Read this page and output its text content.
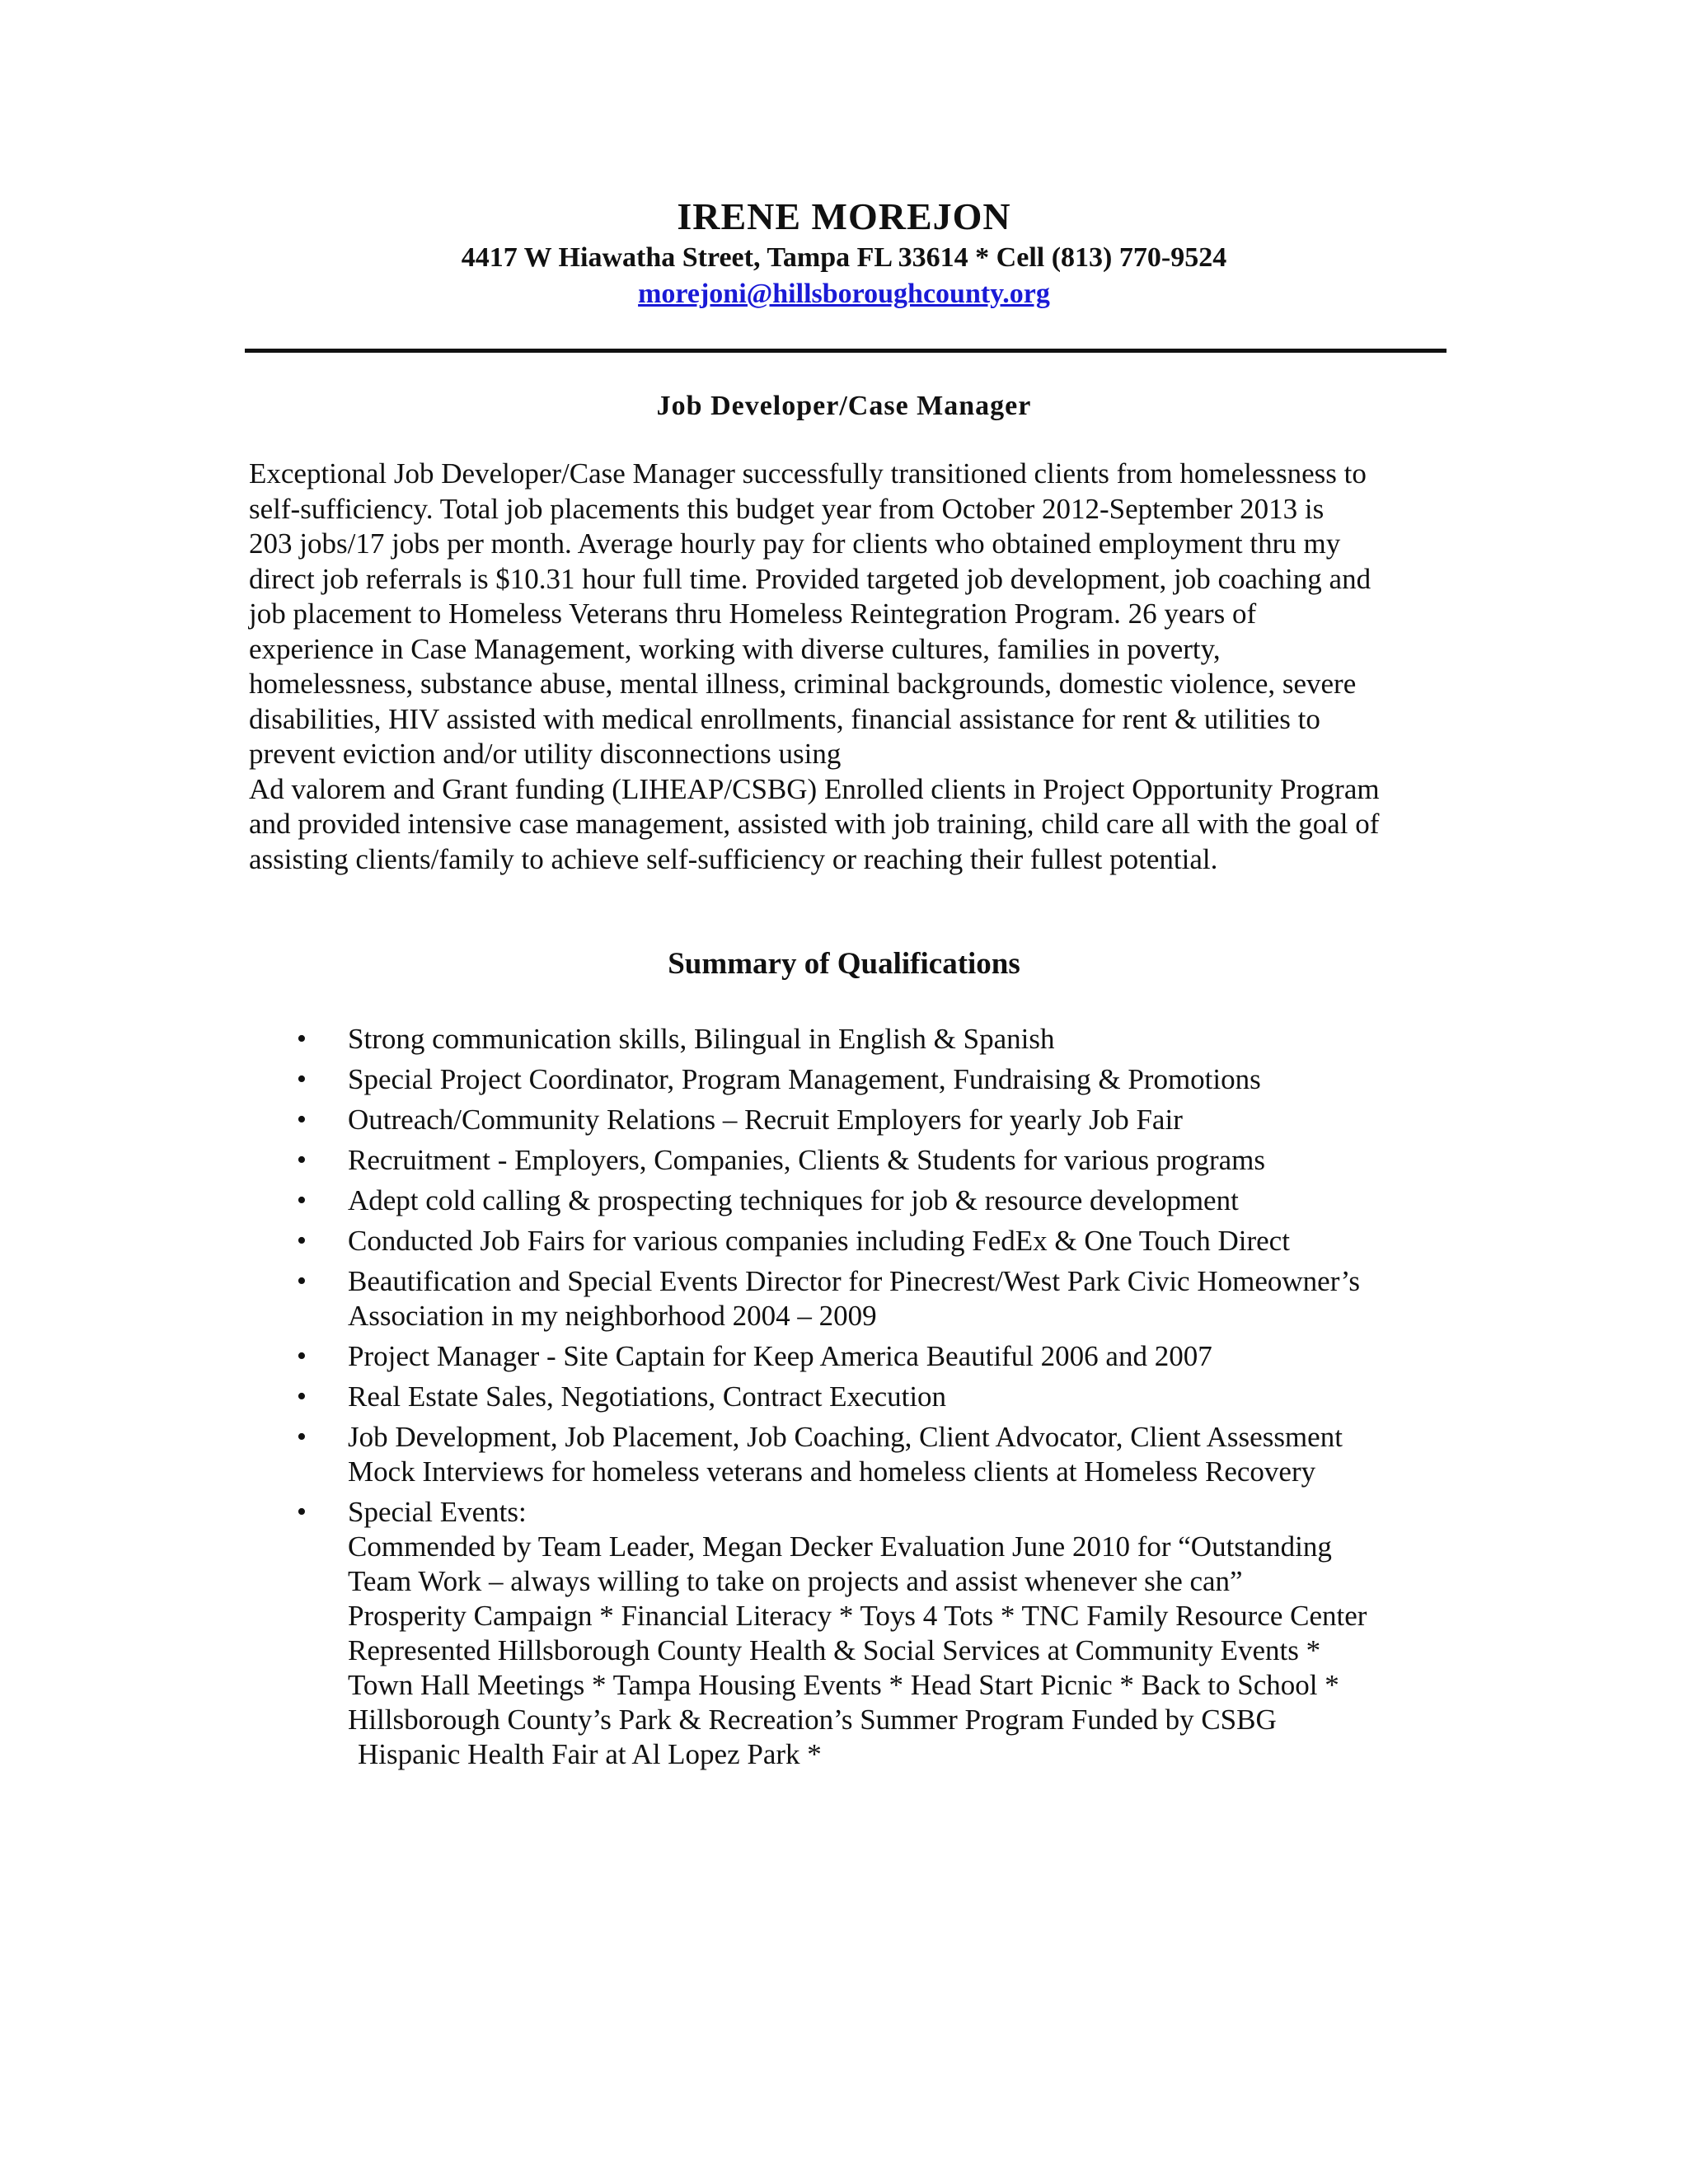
IRENE MOREJON
4417 W Hiawatha Street, Tampa FL 33614 * Cell (813) 770-9524
morejoni@hillsboroughcounty.org
Job Developer/Case Manager

Exceptional Job Developer/Case Manager successfully transitioned clients from homelessness to

self-sufficiency. Total job placements this budget year from October 2012-September 2013 is

203 jobs/17 jobs per month. Average hourly pay for clients who obtained employment thru my

direct job referrals is $10.31 hour full time. Provided targeted job development, job coaching and

job placement to Homeless Veterans thru Homeless Reintegration Program. 26 years of

experience in Case Management, working with diverse cultures, families in poverty,

homelessness, substance abuse, mental illness, criminal backgrounds, domestic violence, severe

disabilities, HIV assisted with medical enrollments, financial assistance for rent & utilities to

prevent eviction and/or utility disconnections using

Ad valorem and Grant funding (LIHEAP/CSBG) Enrolled clients in Project Opportunity Program

and provided intensive case management, assisted with job training, child care all with the goal of

assisting clients/family to achieve self-sufficiency or reaching their fullest potential.

Summary of Qualifications
•	Strong communication skills, Bilingual in English & Spanish
•	Special Project Coordinator, Program Management, Fundraising & Promotions
•	Outreach/Community Relations – Recruit Employers for yearly Job Fair
•	Recruitment - Employers, Companies, Clients & Students for various programs
•	Adept cold calling & prospecting techniques for job & resource development
•	Conducted Job Fairs for various companies including FedEx & One Touch Direct
•	Beautification and Special Events Director for Pinecrest/West Park Civic Homeowner’s
Association in my neighborhood 2004 – 2009
•	Project Manager - Site Captain for Keep America Beautiful 2006 and 2007
•	Real Estate Sales, Negotiations, Contract Execution
•	Job Development, Job Placement, Job Coaching, Client Advocator, Client Assessment
Mock Interviews for homeless veterans and homeless clients at Homeless Recovery
•	Special Events:
Commended by Team Leader, Megan Decker Evaluation June 2010 for “Outstanding
Team Work – always willing to take on projects and assist whenever she can”
Prosperity Campaign * Financial Literacy * Toys 4 Tots * TNC Family Resource Center
Represented Hillsborough County Health & Social Services at Community Events *
Town Hall Meetings * Tampa Housing Events * Head Start Picnic * Back to School *
Hillsborough County’s Park & Recreation’s Summer Program Funded by CSBG
Hispanic Health Fair at Al Lopez Park *
